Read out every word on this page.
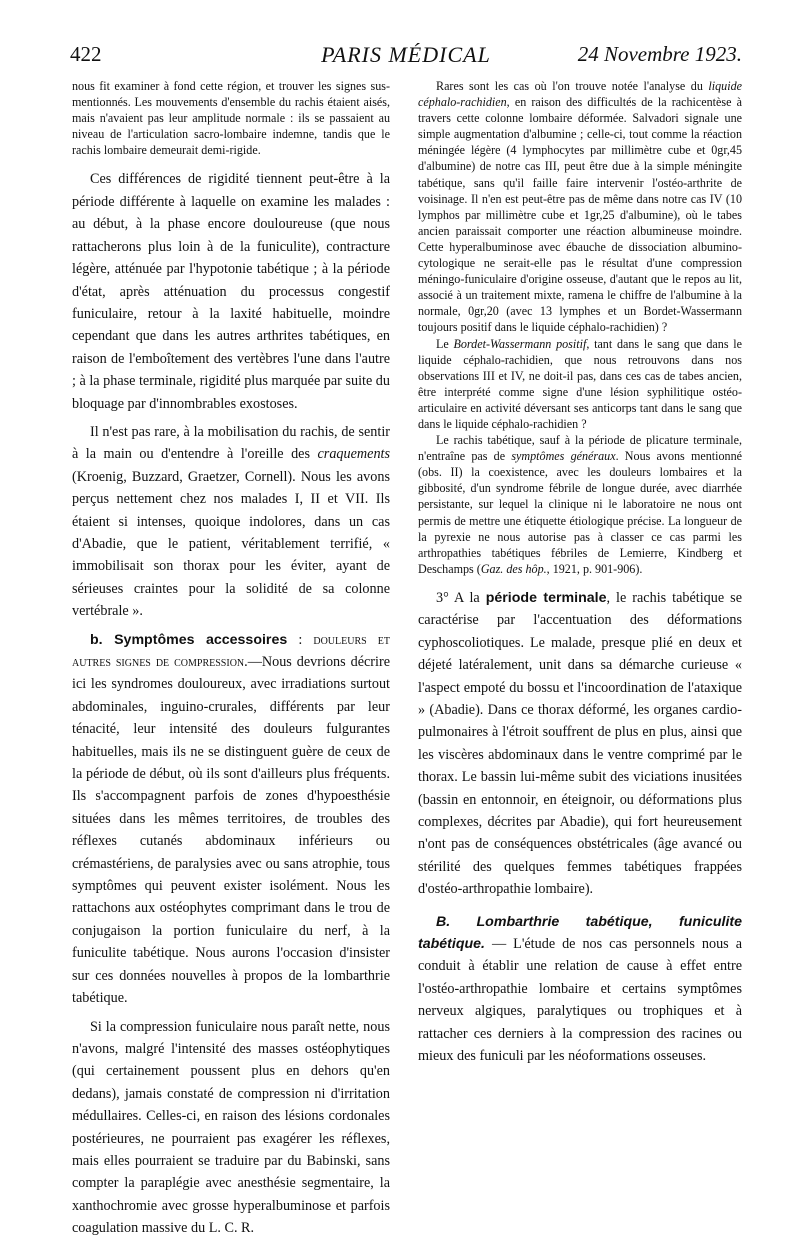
422	PARIS MÉDICAL	24 Novembre 1923.

nous fit examiner à fond cette région, et trouver les signes sus-mentionnés. Les mouvements d'ensemble du rachis étaient aisés, mais n'avaient pas leur amplitude normale : ils se passaient au niveau de l'articulation sacro-lombaire indemne, tandis que le rachis lombaire demeurait demi-rigide.

Ces différences de rigidité tiennent peut-être à la période différente à laquelle on examine les malades : au début, à la phase encore douloureuse (que nous rattacherons plus loin à de la funiculite), contracture légère, atténuée par l'hypotonie tabétique ; à la période d'état, après atténuation du processus congestif funiculaire, retour à la laxité habituelle, moindre cependant que dans les autres arthrites tabétiques, en raison de l'emboîtement des vertèbres l'une dans l'autre ; à la phase terminale, rigidité plus marquée par suite du bloquage par d'innombrables exostoses.

Il n'est pas rare, à la mobilisation du rachis, de sentir à la main ou d'entendre à l'oreille des craquements (Kroenig, Buzzard, Graetzer, Cornell). Nous les avons perçus nettement chez nos malades I, II et VII. Ils étaient si intenses, quoique indolores, dans un cas d'Abadie, que le patient, véritablement terrifié, « immobilisait son thorax pour les éviter, ayant de sérieuses craintes pour la solidité de sa colonne vertébrale ».

b. Symptômes accessoires : douleurs et autres signes de compression.—Nous devrions décrire ici les syndromes douloureux, avec irradiations surtout abdominales, inguino-crurales, différents par leur ténacité, leur intensité des douleurs fulgurantes habituelles, mais ils ne se distinguent guère de ceux de la période de début, où ils sont d'ailleurs plus fréquents. Ils s'accompagnent parfois de zones d'hypoesthésie situées dans les mêmes territoires, de troubles des réflexes cutanés abdominaux inférieurs ou crémastériens, de paralysies avec ou sans atrophie, tous symptômes qui peuvent exister isolément. Nous les rattachons aux ostéophytes comprimant dans le trou de conjugaison la portion funiculaire du nerf, à la funiculite tabétique. Nous aurons l'occasion d'insister sur ces données nouvelles à propos de la lombarthrie tabétique.

Si la compression funiculaire nous paraît nette, nous n'avons, malgré l'intensité des masses ostéophytiques (qui certainement poussent plus en dehors qu'en dedans), jamais constaté de compression ni d'irritation médullaires. Celles-ci, en raison des lésions cordonales postérieures, ne pourraient pas exagérer les réflexes, mais elles pourraient se traduire par du Babinski, sans compter la paraplégie avec anesthésie segmentaire, la xanthochromie avec grosse hyperalbuminose et parfois coagulation massive du L. C. R.

Rares sont les cas où l'on trouve notée l'analyse du liquide céphalo-rachidien, en raison des difficultés de la rachicentèse à travers cette colonne lombaire déformée. Salvadori signale une simple augmentation d'albumine ; celle-ci, tout comme la réaction méningée légère (4 lymphocytes par millimètre cube et 0gr,45 d'albumine) de notre cas III, peut être due à la simple méningite tabétique, sans qu'il faille faire intervenir l'ostéo-arthrite de voisinage. Il n'en est peut-être pas de même dans notre cas IV (10 lymphos par millimètre cube et 1gr,25 d'albumine), où le tabes ancien paraissait comporter une réaction albumineuse moindre. Cette hyperalbuminose avec ébauche de dissociation albumino-cytologique ne serait-elle pas le résultat d'une compression méningo-funiculaire d'origine osseuse, d'autant que le repos au lit, associé à un traitement mixte, ramena le chiffre de l'albumine à la normale, 0gr,20 (avec 13 lymphes et un Bordet-Wassermann toujours positif dans le liquide céphalo-rachidien) ?

Le Bordet-Wassermann positif, tant dans le sang que dans le liquide céphalo-rachidien, que nous retrouvons dans nos observations III et IV, ne doit-il pas, dans ces cas de tabes ancien, être interprété comme signe d'une lésion syphilitique ostéo-articulaire en activité déversant ses anticorps tant dans le sang que dans le liquide céphalo-rachidien ?

Le rachis tabétique, sauf à la période de plicature terminale, n'entraîne pas de symptômes généraux. Nous avons mentionné (obs. II) la coexistence, avec les douleurs lombaires et la gibbosité, d'un syndrome fébrile de longue durée, avec diarrhée persistante, sur lequel la clinique ni le laboratoire ne nous ont permis de mettre une étiquette étiologique précise. La longueur de la pyrexie ne nous autorise pas à classer ce cas parmi les arthropathies tabétiques fébriles de Lemierre, Kindberg et Deschamps (Gaz. des hôp., 1921, p. 901-906).

3° A la période terminale, le rachis tabétique se caractérise par l'accentuation des déformations cyphoscoliotiques. Le malade, presque plié en deux et déjeté latéralement, unit dans sa démarche curieuse « l'aspect empoté du bossu et l'incoordination de l'ataxique » (Abadie). Dans ce thorax déformé, les organes cardio-pulmonaires à l'étroit souffrent de plus en plus, ainsi que les viscères abdominaux dans le ventre comprimé par le thorax. Le bassin lui-même subit des viciations inusitées (bassin en entonnoir, en éteignoir, ou déformations plus complexes, décrites par Abadie), qui fort heureusement n'ont pas de conséquences obstétricales (âge avancé ou stérilité des quelques femmes tabétiques frappées d'ostéo-arthropathie lombaire).

B. Lombarthrie tabétique, funiculite tabétique. — L'étude de nos cas personnels nous a conduit à établir une relation de cause à effet entre l'ostéo-arthropathie lombaire et certains symptômes nerveux algiques, paralytiques ou trophiques et à rattacher ces derniers à la compression des racines ou mieux des funiculi par les néoformations osseuses.
